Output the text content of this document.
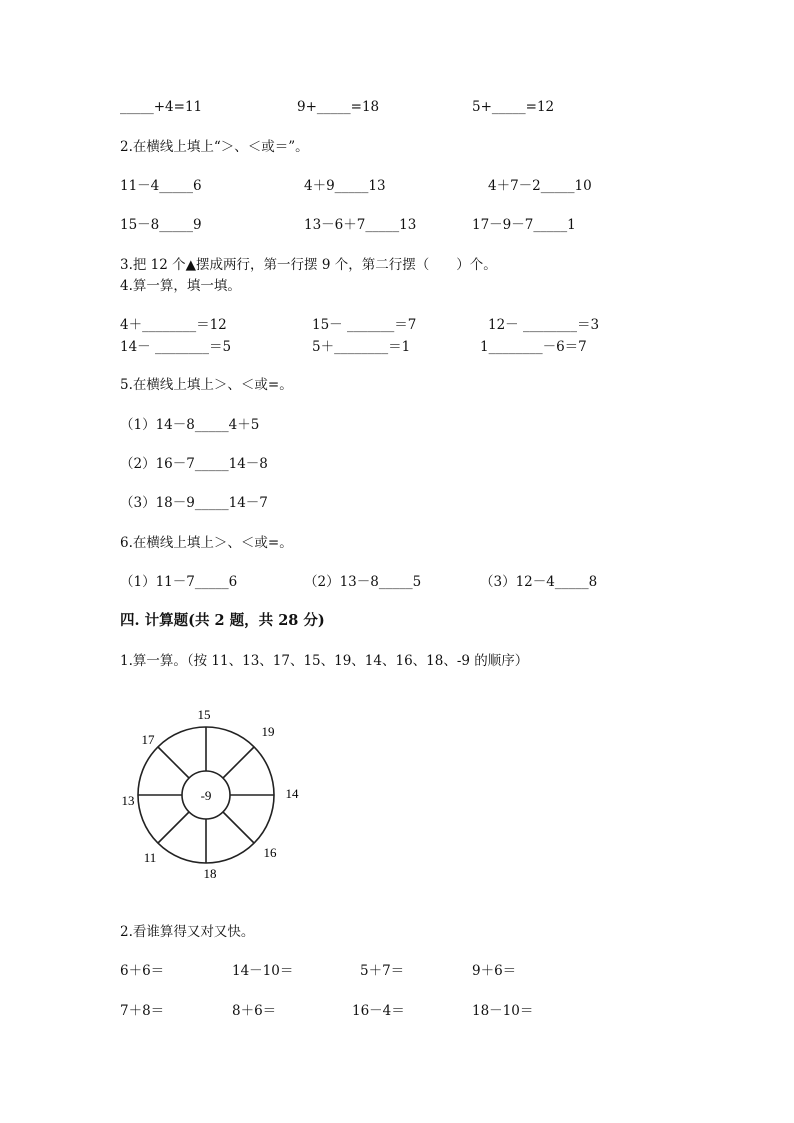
_____+4=11	9+_____=18	5+_____=12
2.在横线上填上“＞、＜或＝”。
11－4_____6	4＋9_____13	4＋7－2_____10
15－8_____9	13－6＋7_____13	17－9－7_____1
3.把 12 个▲摆成两行，第一行摆 9 个，第二行摆（　　）个。
4.算一算，填一填。
4＋________＝12	15－ _______＝7	12－ ________＝3
14－ ________＝5	5＋________＝1	1________－6＝7
5.在横线上填上＞、＜或=。
（1）14－8_____4＋5
（2）16－7_____14－8
（3）18－9_____14－7
6.在横线上填上＞、＜或=。
（1）11－7_____6	（2）13－8_____5	（3）12－4_____8
四. 计算题(共 2 题，共 28 分)
1.算一算。（按 11、13、17、15、19、14、16、18、-9 的顺序）
-9
15
19
14
16
18
11
13
17
2.看谁算得又对又快。
6＋6＝	14－10＝	5＋7＝	9＋6＝
7＋8＝	8＋6＝	16－4＝	18－10＝
